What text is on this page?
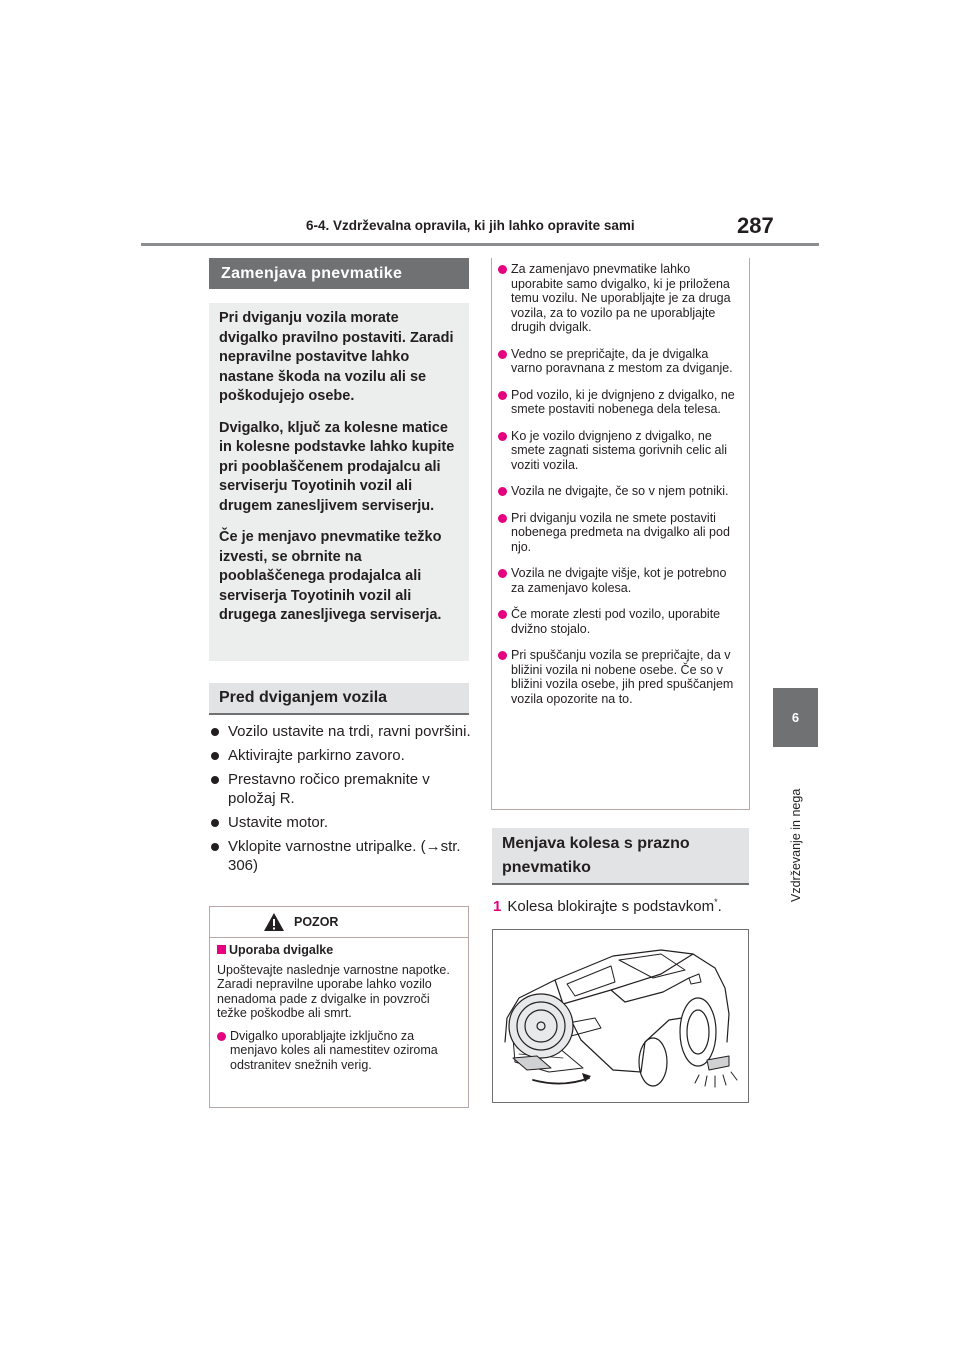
6-4. Vzdrževalna opravila, ki jih lahko opravite sami	287
6
Vzdrževanje in nega
Zamenjava pnevmatike

Pri dviganju vozila morate dvigalko pravilno postaviti. Zaradi nepravilne postavitve lahko nastane škoda na vozilu ali se poškodujejo osebe.

Dvigalko, ključ za kolesne matice in kolesne podstavke lahko kupite pri pooblaščenem prodajalcu ali serviserju Toyotinih vozil ali drugem zanesljivem serviserju.

Če je menjavo pnevmatike težko izvesti, se obrnite na pooblaščenega prodajalca ali serviserja Toyotinih vozil ali drugega zanesljivega serviserja.

Pred dviganjem vozila
Vozilo ustavite na trdi, ravni površini.
Aktivirajte parkirno zavoro.
Prestavno ročico premaknite v položaj R.
Ustavite motor.
Vklopite varnostne utripalke. (→str. 306)
POZOR
Uporaba dvigalke

Upoštevajte naslednje varnostne napotke.
Zaradi nepravilne uporabe lahko vozilo nenadoma pade z dvigalke in povzroči težke poškodbe ali smrt.

Dvigalko uporabljajte izključno za menjavo koles ali namestitev oziroma odstranitev snežnih verig.
Za zamenjavo pnevmatike lahko uporabite samo dvigalko, ki je priložena temu vozilu. Ne uporabljajte je za druga vozila, za to vozilo pa ne uporabljajte drugih dvigalk.
Vedno se prepričajte, da je dvigalka varno poravnana z mestom za dviganje.
Pod vozilo, ki je dvignjeno z dvigalko, ne smete postaviti nobenega dela telesa.
Ko je vozilo dvignjeno z dvigalko, ne smete zagnati sistema gorivnih celic ali voziti vozila.
Vozila ne dvigajte, če so v njem potniki.
Pri dviganju vozila ne smete postaviti nobenega predmeta na dvigalko ali pod njo.
Vozila ne dvigajte višje, kot je potrebno za zamenjavo kolesa.
Če morate zlesti pod vozilo, uporabite dvižno stojalo.
Pri spuščanju vozila se prepričajte, da v bližini vozila ni nobene osebe. Če so v bližini vozila osebe, jih pred spuščanjem vozila opozorite na to.
Menjava kolesa s prazno pnevmatiko
1 Kolesa blokirajte s podstavkom*.
